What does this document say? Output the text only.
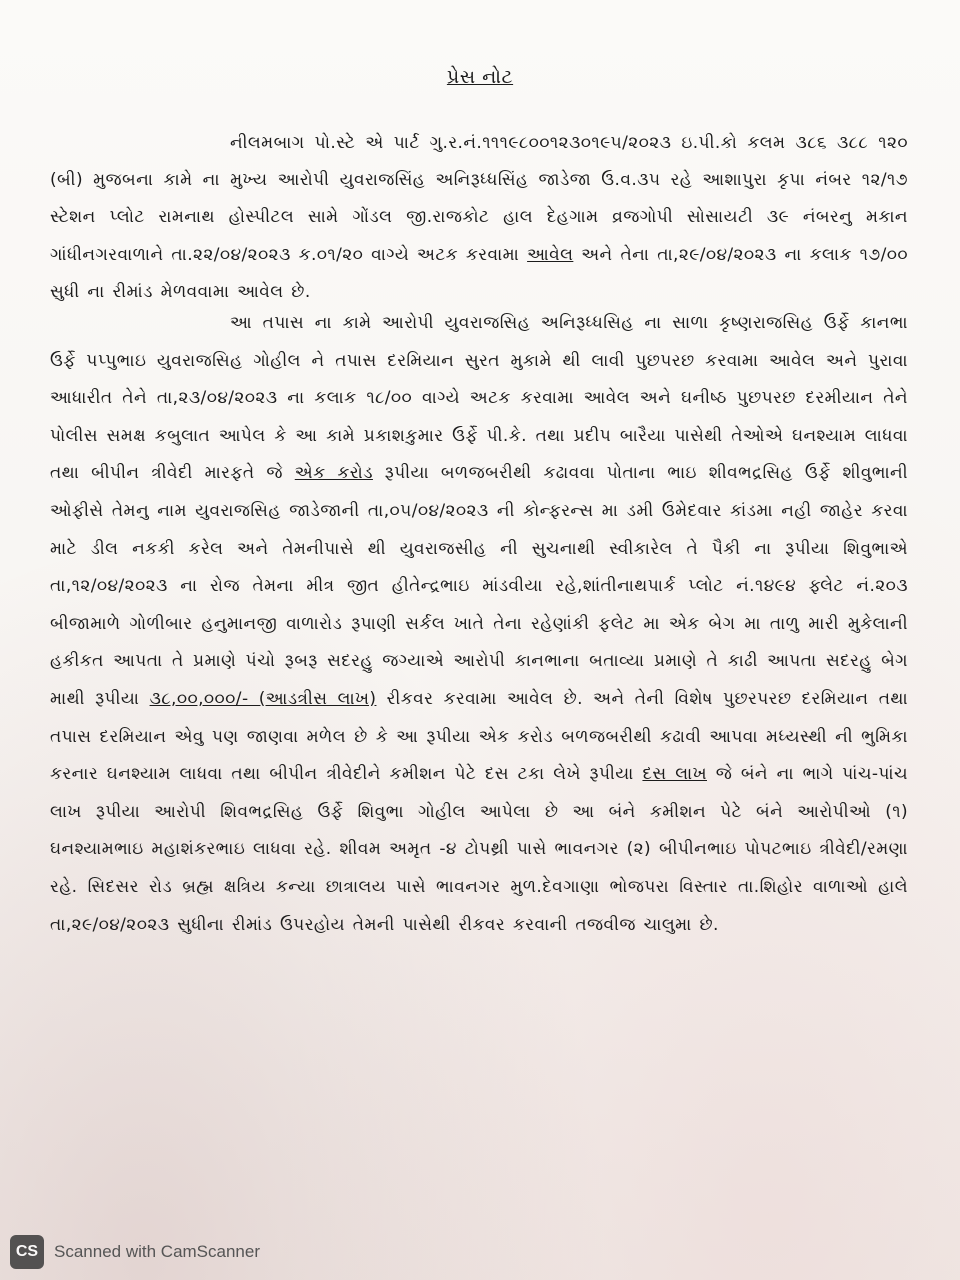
પ્રેસ નોટ
નીલમબાગ પો.સ્ટે એ પાર્ટ ગુ.ર.નં.૧૧૧૯૮૦૦૧૨૩૦૧૯૫/૨૦૨૩ ઇ.પી.કો કલમ ૩૮૬ ૩૮૮ ૧૨૦ (બી) મુજબના કામે ના મુખ્ય આરોપી યુવરાજસિંહ અનિરૂધ્ધસિંહ જાડેજા ઉ.વ.૩૫ રહે આશાપુરા કૃપા નંબર ૧૨/૧૭ સ્ટેશન પ્લોટ રામનાથ હોસ્પીટલ સામે ગોંડલ જી.રાજકોટ હાલ દેહગામ વ્રજગોપી સોસાયટી ૩૯ નંબરનુ મકાન ગાંધીનગરવાળાને તા.૨૨/૦૪/૨૦૨૩ ક.૦૧/૨૦ વાગ્યે અટક કરવામા આવેલ અને તેના તા,૨૯/૦૪/૨૦૨૩ ના કલાક ૧૭/૦૦ સુધી ના રીમાંડ મેળવવામા આવેલ છે.
આ તપાસ ના કામે આરોપી યુવરાજસિહ અનિરૂધ્ધસિહ ના સાળા કૃષ્ણરાજસિહ ઉર્ફે કાનભા ઉર્ફે પપ્પુભાઇ યુવરાજસિહ ગોહીલ ને તપાસ દરમિયાન સુરત મુકામે થી લાવી પુછપરછ કરવામા આવેલ અને પુરાવા આધારીત તેને તા,૨૩/૦૪/૨૦૨૩ ના કલાક ૧૮/૦૦ વાગ્યે અટક કરવામા આવેલ અને ઘનીષ્ઠ પુછપરછ દરમીયાન તેને પોલીસ સમક્ષ કબુલાત આપેલ કે આ કામે પ્રકાશકુમાર ઉર્ફે પી.કે. તથા પ્રદીપ બારૈયા પાસેથી તેઓએ ઘનશ્યામ લાધવા તથા બીપીન ત્રીવેદી મારફતે જે એક કરોડ રૂપીયા બળજબરીથી કઢાવવા પોતાના ભાઇ શીવભદ્રસિહ ઉર્ફે શીવુભાની ઓફીસે તેમનુ નામ યુવરાજસિહ જાડેજાની તા,૦૫/૦૪/૨૦૨૩ ની કોન્ફરન્સ મા ડમી ઉમેદવાર કાંડમા નહી જાહેર કરવા માટે ડીલ નકકી કરેલ અને તેમનીપાસે થી યુવરાજસીહ ની સુચનાથી સ્વીકારેલ તે પૈકી ના રૂપીયા શિવુભાએ તા,૧૨/૦૪/૨૦૨૩ ના રોજ તેમના મીત્ર જીત હીતેન્દ્રભાઇ માંડવીયા રહે,શાંતીનાથપાર્ક પ્લોટ નં.૧૪૯૪ ફ્લેટ નં.૨૦૩ બીજામાળે ગોળીબાર હનુમાનજી વાળારોડ રૂપાણી સર્કલ ખાતે તેના રહેણાંકી ફલેટ મા એક બેગ મા તાળુ મારી મુકેલાની હકીકત આપતા તે પ્રમાણે પંચો રૂબરૂ સદરહુ જગ્યાએ આરોપી કાનભાના બતાવ્યા પ્રમાણે તે કાઢી આપતા સદરહુ બેગ માથી રૂપીયા ૩૮,૦૦,૦૦૦/- (આડત્રીસ લાખ) રીકવર કરવામા આવેલ છે. અને તેની વિશેષ પુછરપરછ દરમિયાન તથા તપાસ દરમિયાન એવુ પણ જાણવા મળેલ છે કે આ રૂપીયા એક કરોડ બળજબરીથી કઢાવી આપવા મધ્યસ્થી ની ભુમિકા કરનાર ઘનશ્યામ લાધવા તથા બીપીન ત્રીવેદીને કમીશન પેટે દસ ટકા લેખે રૂપીયા દસ લાખ જે બંને ના ભાગે પાંચ-પાંચ લાખ રૂપીયા આરોપી શિવભદ્રસિહ ઉર્ફે શિવુભા ગોહીલ આપેલા છે આ બંને કમીશન પેટે બંને આરોપીઓ (૧) ઘનશ્યામભાઇ મહાશંકરભાઇ લાધવા રહે. શીવમ અમૃત -૪ ટોપથ્રી પાસે ભાવનગર (૨) બીપીનભાઇ પોપટભાઇ ત્રીવેદી/રમણા રહે. સિદસર રોડ બ્રહ્મ ક્ષત્રિય કન્યા છાત્રાલય પાસે ભાવનગર મુળ.દેવગાણા ભોજપરા વિસ્તાર તા.શિહોર વાળાઓ હાલે તા,૨૯/૦૪/૨૦૨૩ સુધીના રીમાંડ ઉપરહોય તેમની પાસેથી રીકવર કરવાની તજવીજ ચાલુમા છે.
CS Scanned with CamScanner
